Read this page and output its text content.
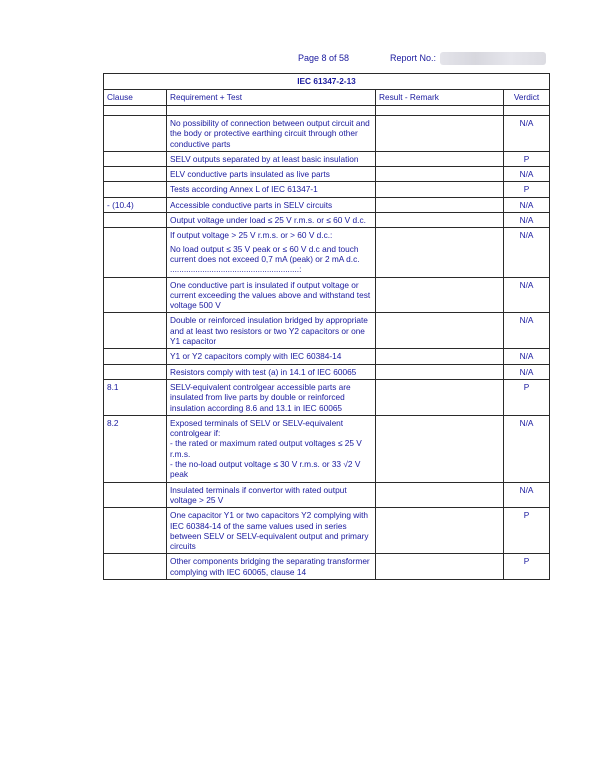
Page 8 of 58	Report No.:
IEC 61347-2-13			
Clause	Requirement + Test	Result - Remark	Verdict

	No possibility of connection between output circuit and the body or protective earthing circuit through other conductive parts		N/A

	SELV outputs separated by at least basic insulation		P

	ELV conductive parts insulated as live parts		N/A

	Tests according Annex L of IEC 61347-1		P
- (10.4)	Accessible conductive parts in SELV circuits		N/A

	Output voltage under load ≤ 25 V r.m.s. or ≤ 60 V d.c.		N/A

	If output voltage > 25 V r.m.s. or > 60 V d.c.:
No load output ≤ 35 V peak or ≤ 60 V d.c and touch current does not exceed 0,7 mA (peak) or 2 mA d.c. ........................................................:		N/A

	One conductive part is insulated if output voltage or current exceeding the values above and withstand test voltage 500 V		N/A

	Double or reinforced insulation bridged by appropriate and at least two resistors or two Y2 capacitors or one Y1 capacitor		N/A

	Y1 or Y2 capacitors comply with IEC 60384-14		N/A

	Resistors comply with test (a) in 14.1 of IEC 60065		N/A
8.1	SELV-equivalent controlgear accessible parts are insulated from live parts by double or reinforced insulation according 8.6 and 13.1 in IEC 60065		P
8.2	Exposed terminals of SELV or SELV-equivalent controlgear if:
- the rated or maximum rated output voltages ≤ 25 V r.m.s.
- the no-load output voltage ≤ 30 V r.m.s. or 33 √2 V peak		N/A

	Insulated terminals if convertor with rated output voltage > 25 V		N/A

	One capacitor Y1 or two capacitors Y2 complying with IEC 60384-14 of the same values used in series between SELV or SELV-equivalent output and primary circuits		P

	Other components bridging the separating transformer complying with IEC 60065, clause 14		P
